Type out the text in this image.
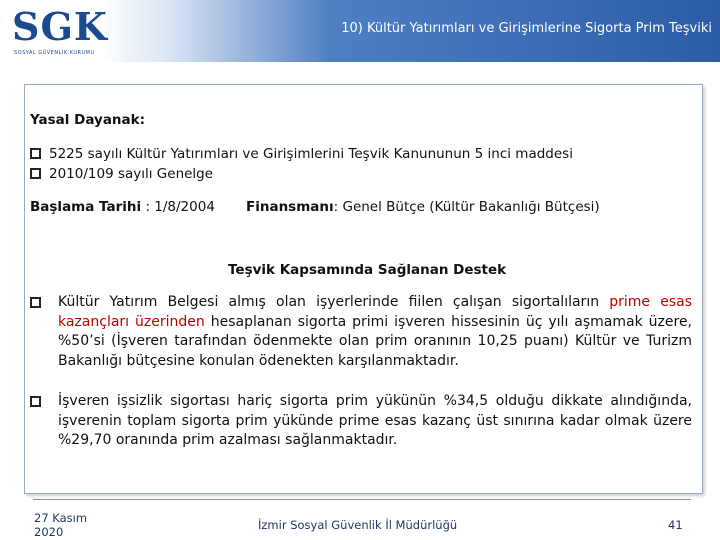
SGK
SOSYAL GÜVENLİK KURUMU
10) Kültür Yatırımları ve Girişimlerine Sigorta Prim Teşviki
Yasal Dayanak:
5225 sayılı Kültür Yatırımları ve Girişimlerini Teşvik Kanununun 5 inci maddesi
2010/109 sayılı Genelge
Başlama Tarihi : 1/8/2004 Finansmanı: Genel Bütçe (Kültür Bakanlığı Bütçesi)
Teşvik Kapsamında Sağlanan Destek
Kültür Yatırım Belgesi almış olan işyerlerinde fiilen çalışan sigortalıların prime esas kazançları üzerinden hesaplanan sigorta primi işveren hissesinin üç yılı aşmamak üzere, %50’si (İşveren tarafından ödenmekte olan prim oranının 10,25 puanı) Kültür ve Turizm Bakanlığı bütçesine konulan ödenekten karşılanmaktadır.
İşveren işsizlik sigortası hariç sigorta prim yükünün %34,5 olduğu dikkate alındığında, işverenin toplam sigorta prim yükünde prime esas kazanç üst sınırına kadar olmak üzere %29,70 oranında prim azalması sağlanmaktadır.
27 Kasım
2020	İzmir Sosyal Güvenlik İl Müdürlüğü	41
